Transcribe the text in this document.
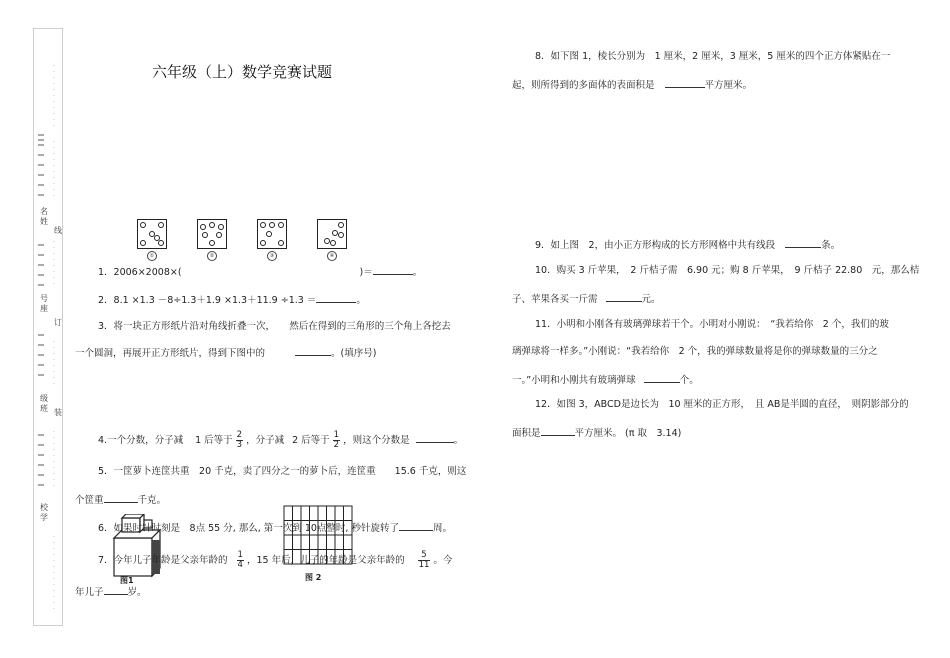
·
·
·
·
·
·
·
·
·
·
·
名
姓
线
·
·
·
·
·
·
·
·
·
·
号
座
订
·
·
·
·
·
·
·
·
级
班 装
·
·
·
·
·
·
·
·
校
学
·
·
·
·
·
·
·
·
·
·
·
·
·
·
·
·
·
·
·
·
·
·
·
六年级（上）数学竞赛试题
①	②	③	④
1．2006×2008×(	)＝	。
2．8.1 ×1.3 －8÷1.3＋1.9 ×1.3＋11.9 ÷1.3 ＝	。
3．将一块正方形纸片沿对角线折叠一次，　　然后在得到的三角形的三个角上各挖去
一个圆洞，再展开正方形纸片，得到下图中的	。(填序号)
4.一个分数，分子减 1 后等于 $\frac{2}{3}$ ，分子减 2 后等于 $\frac{1}{2}$ ，则这个分数是	。
5．一筐萝卜连筐共重　20 千克，卖了四分之一的萝卜后，连筐重　　15.6 千克，则这
个筐重	千克。
图1	图 2
6．如果时针时刻是　8点 55 分, 那么, 第一次到 10点整时, 秒针旋转了	周。
7．今年儿子年龄是父亲年龄的 $\frac{1}{4}$ ，15 年后，儿子的年龄是父亲年龄的 $\frac{5}{11}$ 。今
年儿子	岁。
8．如下图 1，棱长分别为　1 厘米，2 厘米，3 厘米，5 厘米的四个正方体紧贴在一
起，则所得到的多面体的表面积是	平方厘米。
9．如上图　2，由小正方形构成的长方形网格中共有线段	条。
10．购买 3 斤苹果，　2 斤桔子需　6.90 元；购 8 斤苹果，　9 斤桔子 22.80　元，那么桔
子、苹果各买一斤需	元。
11．小明和小刚各有玻璃弹球若干个。小明对小刚说：　“我若给你　2 个，我们的玻
璃弹球将一样多。”小刚说：“我若给你　2 个，我的弹球数量将是你的弹球数量的三分之
一。”小明和小刚共有玻璃弹球	个。
12．如图 3，ABCD是边长为　10 厘米的正方形，　且 AB是半圆的直径，　则阴影部分的
面积是	平方厘米。 (π 取　3.14)
